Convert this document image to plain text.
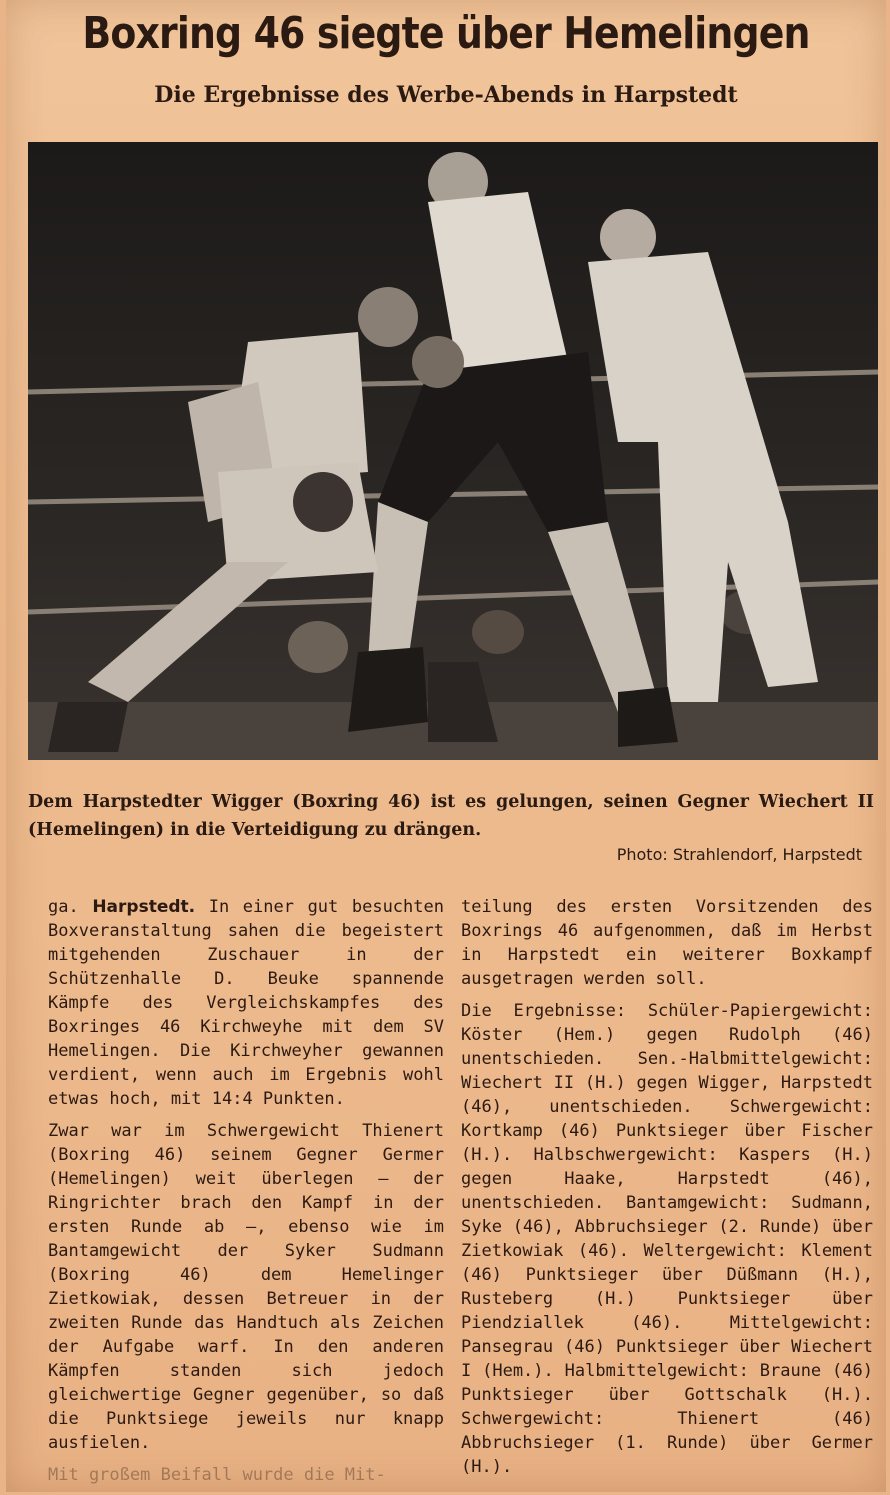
Boxring 46 siegte über Hemelingen
Die Ergebnisse des Werbe-Abends in Harpstedt
Dem Harpstedter Wigger (Boxring 46) ist es gelungen, seinen Gegner Wiechert II (Hemelingen) in die Verteidigung zu drängen.
Photo: Strahlendorf, Harpstedt

ga. Harpstedt. In einer gut besuchten Boxveranstaltung sahen die begeistert mitgehenden Zuschauer in der Schützenhalle D. Beuke spannende Kämpfe des Vergleichskampfes des Boxringes 46 Kirchweyhe mit dem SV Hemelingen. Die Kirchweyher gewannen verdient, wenn auch im Ergebnis wohl etwas hoch, mit 14:4 Punkten.

Zwar war im Schwergewicht Thienert (Boxring 46) seinem Gegner Germer (Hemelingen) weit überlegen — der Ringrichter brach den Kampf in der ersten Runde ab —, ebenso wie im Bantamgewicht der Syker Sudmann (Boxring 46) dem Hemelinger Zietkowiak, dessen Betreuer in der zweiten Runde das Handtuch als Zeichen der Aufgabe warf. In den anderen Kämpfen standen sich jedoch gleichwertige Gegner gegenüber, so daß die Punktsiege jeweils nur knapp ausfielen.

Mit großem Beifall wurde die Mit-

teilung des ersten Vorsitzenden des Boxrings 46 aufgenommen, daß im Herbst in Harpstedt ein weiterer Boxkampf ausgetragen werden soll.

Die Ergebnisse: Schüler-Papiergewicht: Köster (Hem.) gegen Rudolph (46) unentschieden. Sen.-Halbmittelgewicht: Wiechert II (H.) gegen Wigger, Harpstedt (46), unentschieden. Schwergewicht: Kortkamp (46) Punktsieger über Fischer (H.). Halbschwergewicht: Kaspers (H.) gegen Haake, Harpstedt (46), unentschieden. Bantamgewicht: Sudmann, Syke (46), Abbruchsieger (2. Runde) über Zietkowiak (46). Weltergewicht: Klement (46) Punktsieger über Düßmann (H.), Rusteberg (H.) Punktsieger über Piendziallek (46). Mittelgewicht: Pansegrau (46) Punktsieger über Wiechert I (Hem.). Halbmittelgewicht: Braune (46) Punktsieger über Gottschalk (H.). Schwergewicht: Thienert (46) Abbruchsieger (1. Runde) über Germer (H.).
